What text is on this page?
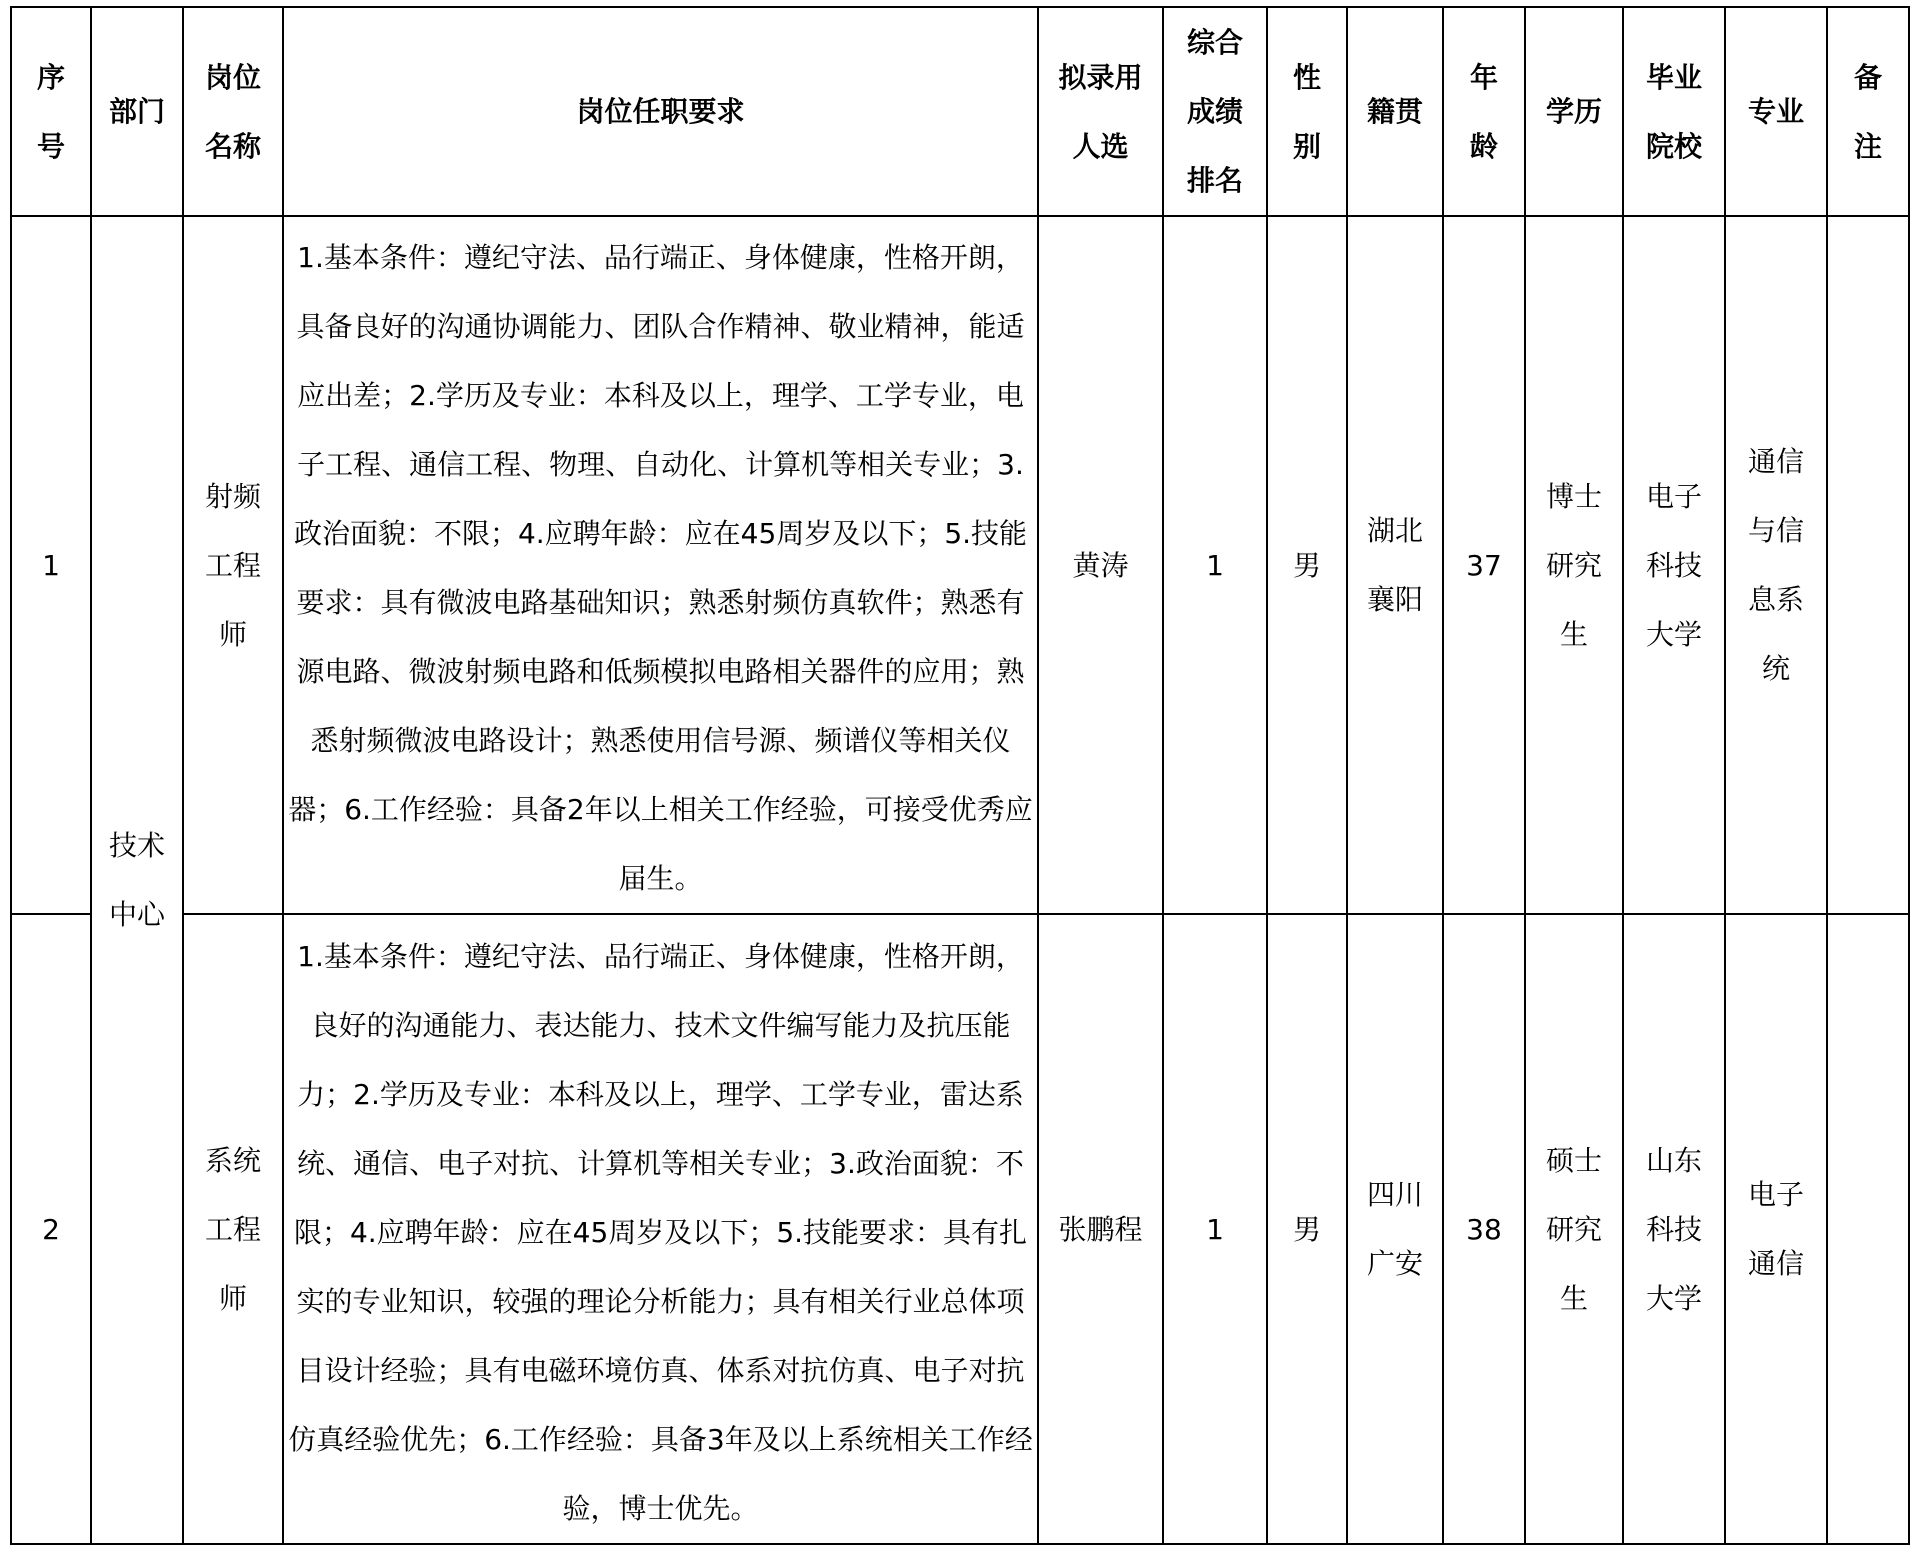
序号	部门	岗位名称	岗位任职要求	拟录用人选	综合成绩排名	性别	籍贯	年龄	学历	毕业院校	专业	备注
1	技术中心	射频工程师	1.基本条件：遵纪守法、品行端正、身体健康，性格开朗，具备良好的沟通协调能力、团队合作精神、敬业精神，能适应出差；2.学历及专业：本科及以上，理学、工学专业，电子工程、通信工程、物理、自动化、计算机等相关专业；3.政治面貌：不限；4.应聘年龄：应在45周岁及以下；5.技能要求：具有微波电路基础知识；熟悉射频仿真软件；熟悉有源电路、微波射频电路和低频模拟电路相关器件的应用；熟悉射频微波电路设计；熟悉使用信号源、频谱仪等相关仪器；6.工作经验：具备2年以上相关工作经验，可接受优秀应届生。	黄涛	1	男	湖北襄阳	37	博士研究生	电子科技大学	通信与信息系统	
2		系统工程师	1.基本条件：遵纪守法、品行端正、身体健康，性格开朗，良好的沟通能力、表达能力、技术文件编写能力及抗压能力；2.学历及专业：本科及以上，理学、工学专业，雷达系统、通信、电子对抗、计算机等相关专业；3.政治面貌：不限；4.应聘年龄：应在45周岁及以下；5.技能要求：具有扎实的专业知识，较强的理论分析能力；具有相关行业总体项目设计经验；具有电磁环境仿真、体系对抗仿真、电子对抗仿真经验优先；6.工作经验：具备3年及以上系统相关工作经验，博士优先。	张鹏程	1	男	四川广安	38	硕士研究生	山东科技大学	电子通信	
